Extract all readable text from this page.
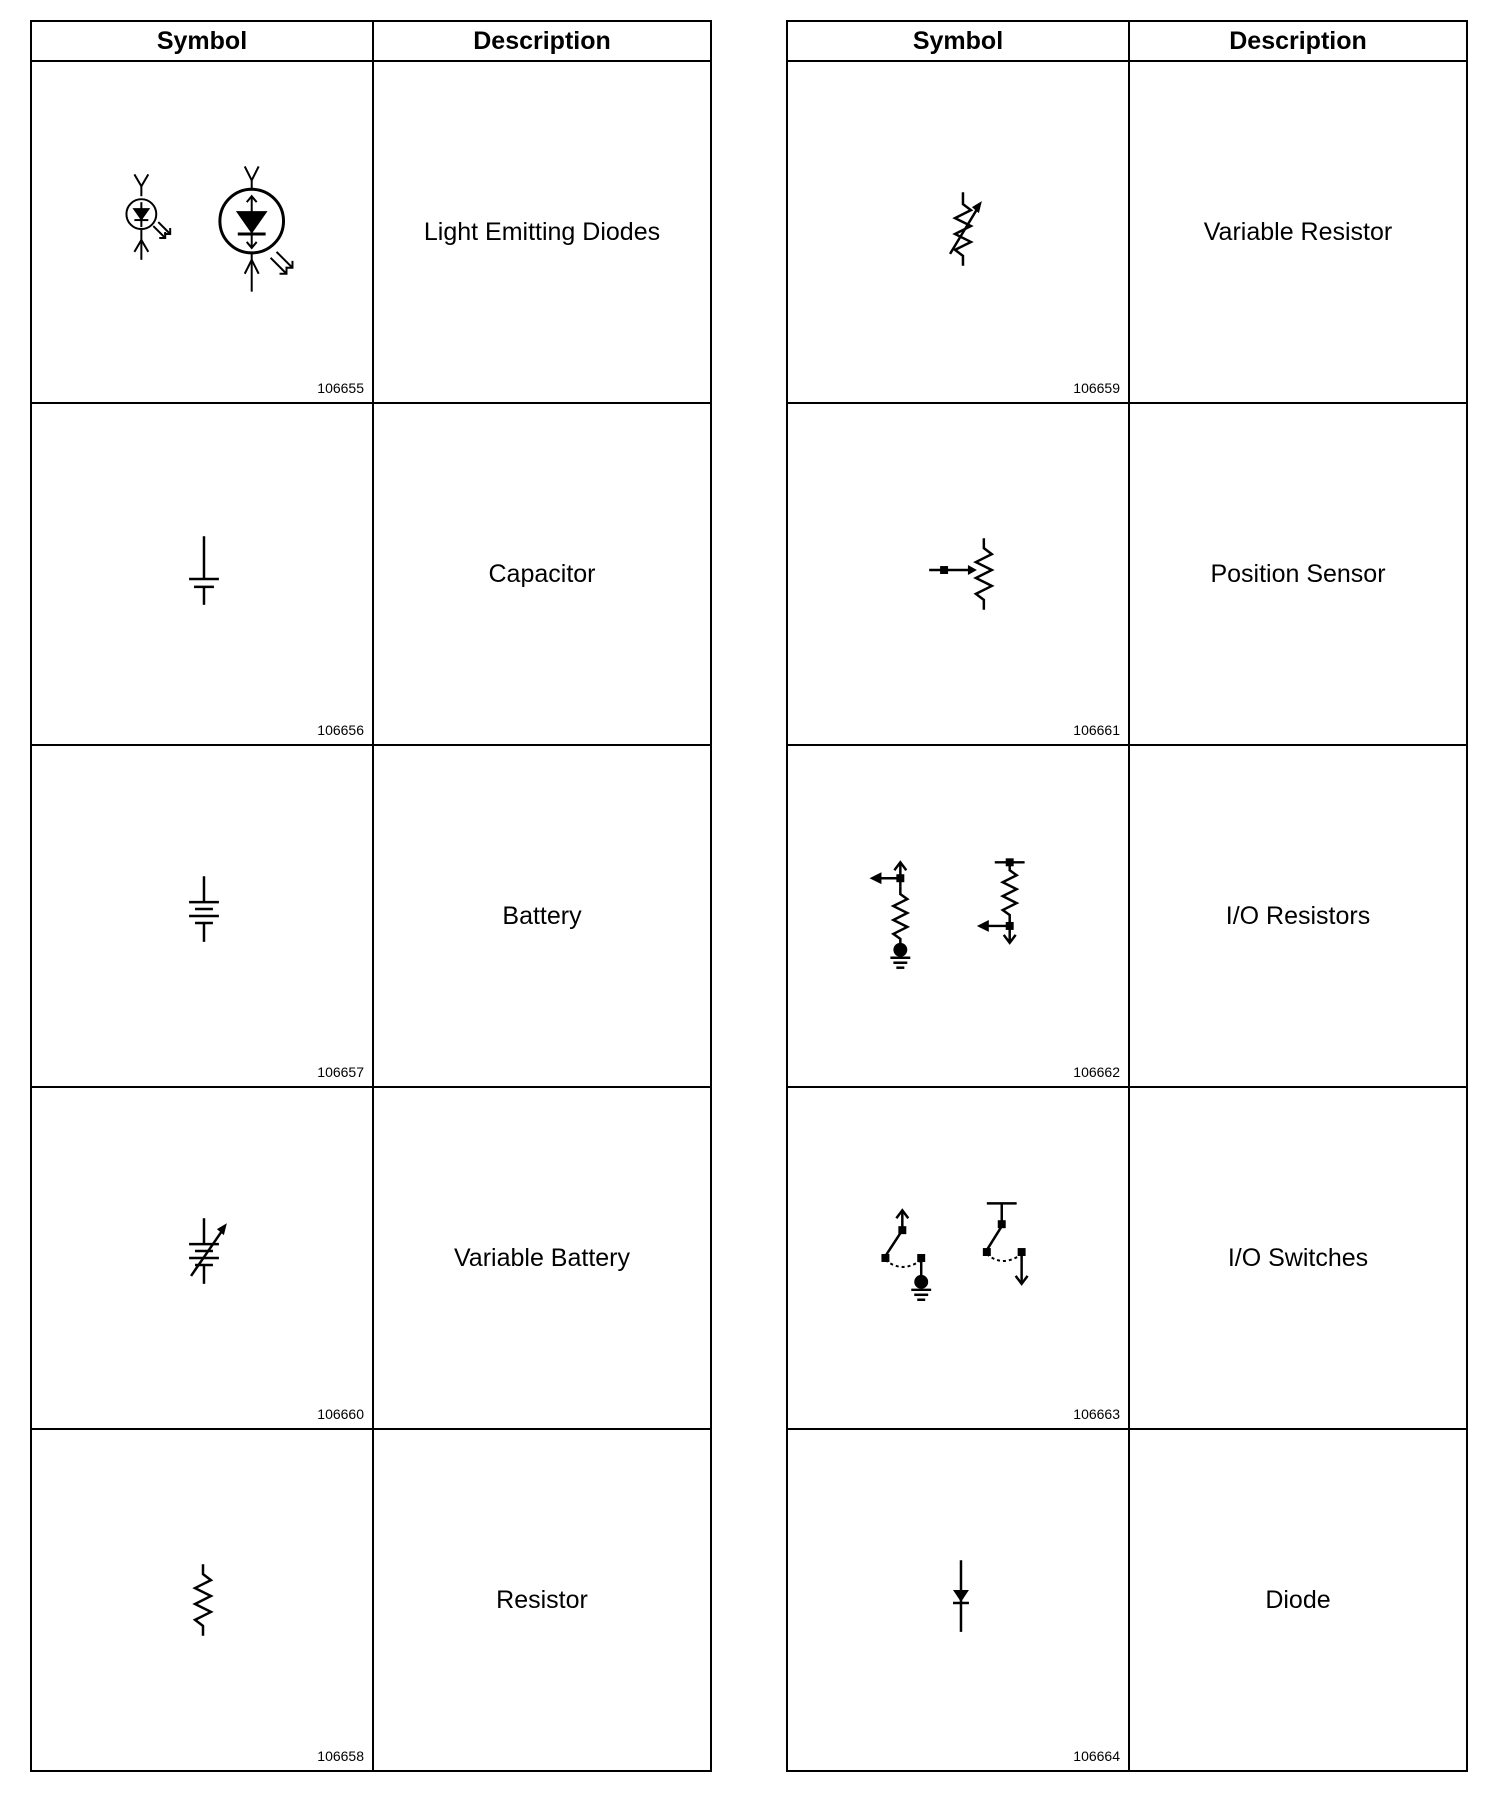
Symbol	Description

106655	Light Emitting Diodes

106656	Capacitor

106657	Battery

106660	Variable Battery

106658	Resistor
Symbol	Description

106659	Variable Resistor

106661	Position Sensor

106662	I/O Resistors

106663	I/O Switches

106664	Diode
